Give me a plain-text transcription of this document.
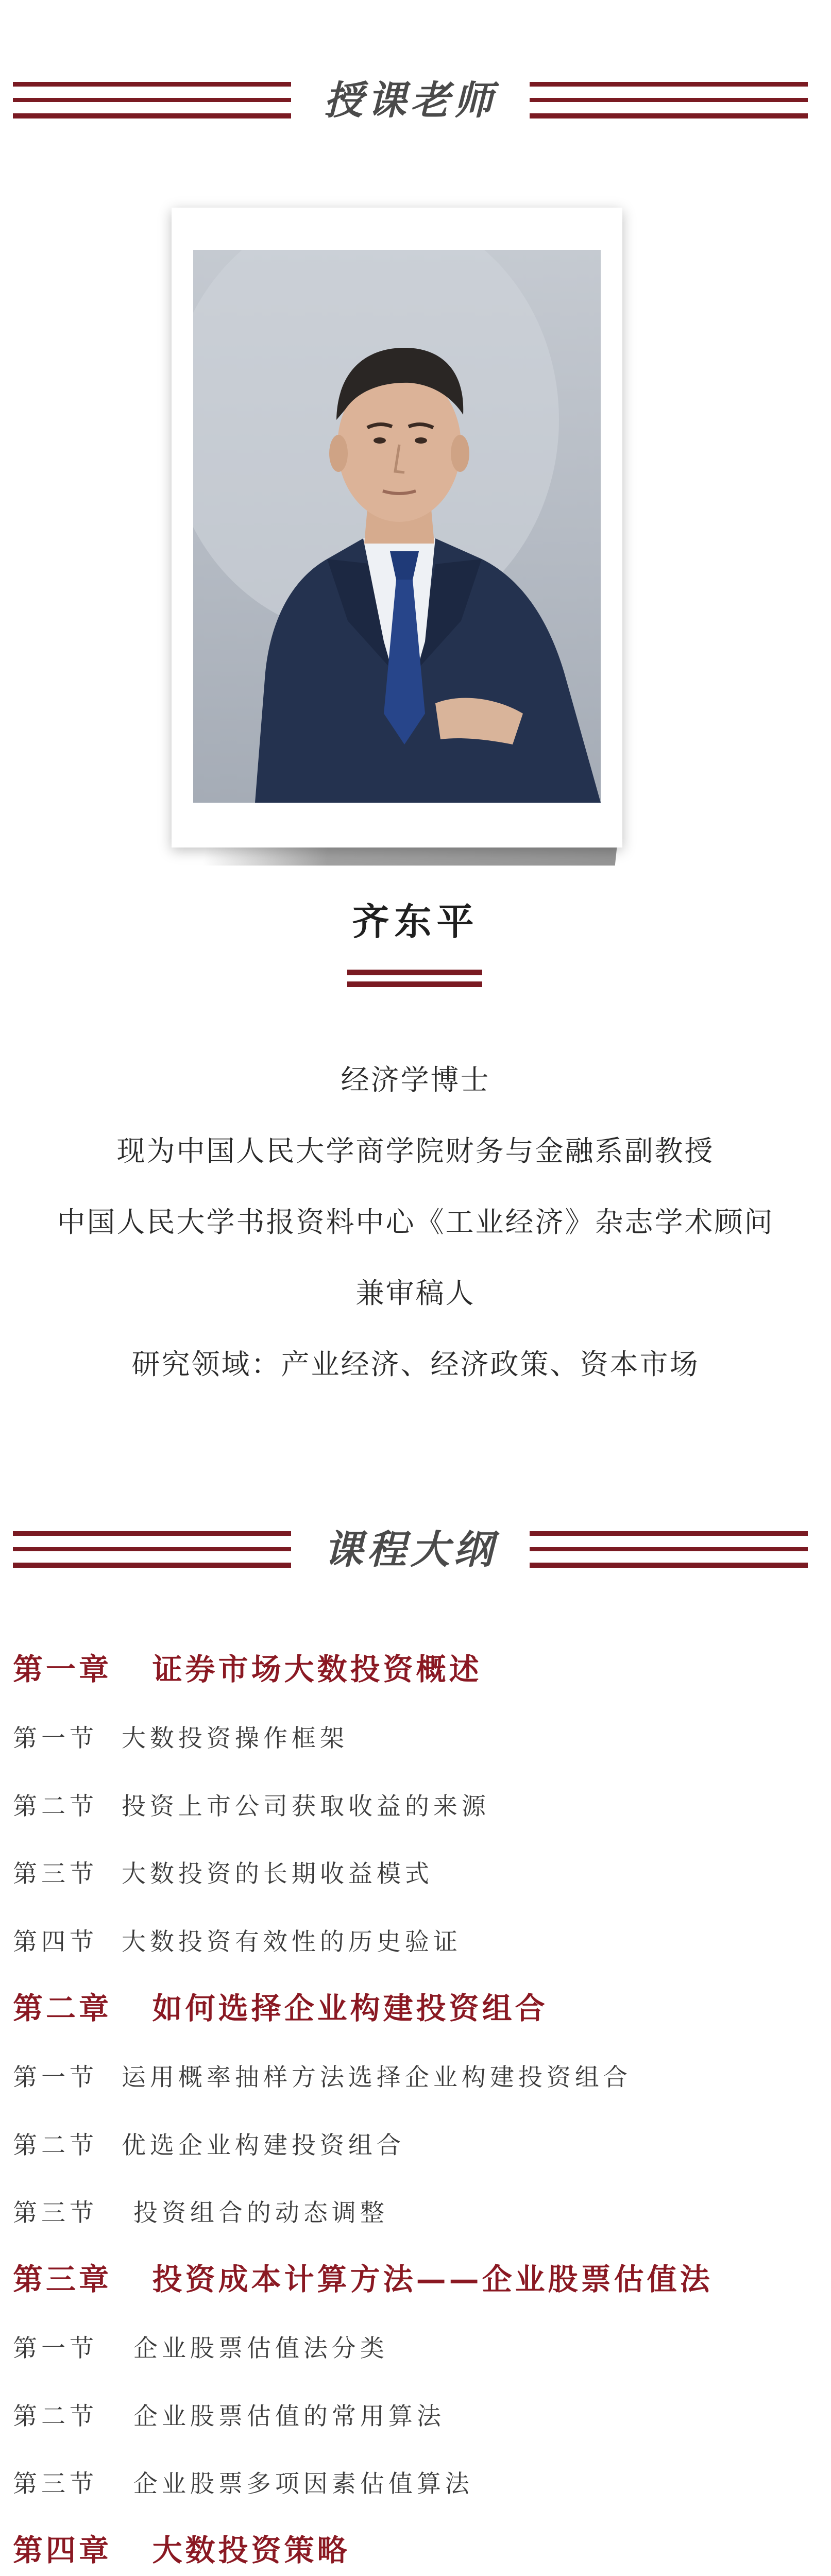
授课老师
齐东平
经济学博士
现为中国人民大学商学院财务与金融系副教授
中国人民大学书报资料中心《工业经济》杂志学术顾问
兼审稿人
研究领域：产业经济、经济政策、资本市场
课程大纲
第一章   证券市场大数投资概述
第一节  大数投资操作框架
第二节  投资上市公司获取收益的来源
第三节  大数投资的长期收益模式
第四节  大数投资有效性的历史验证
第二章   如何选择企业构建投资组合
第一节  运用概率抽样方法选择企业构建投资组合
第二节  优选企业构建投资组合
第三节   投资组合的动态调整
第三章   投资成本计算方法——企业股票估值法
第一节   企业股票估值法分类
第二节   企业股票估值的常用算法
第三节   企业股票多项因素估值算法
第四章   大数投资策略
